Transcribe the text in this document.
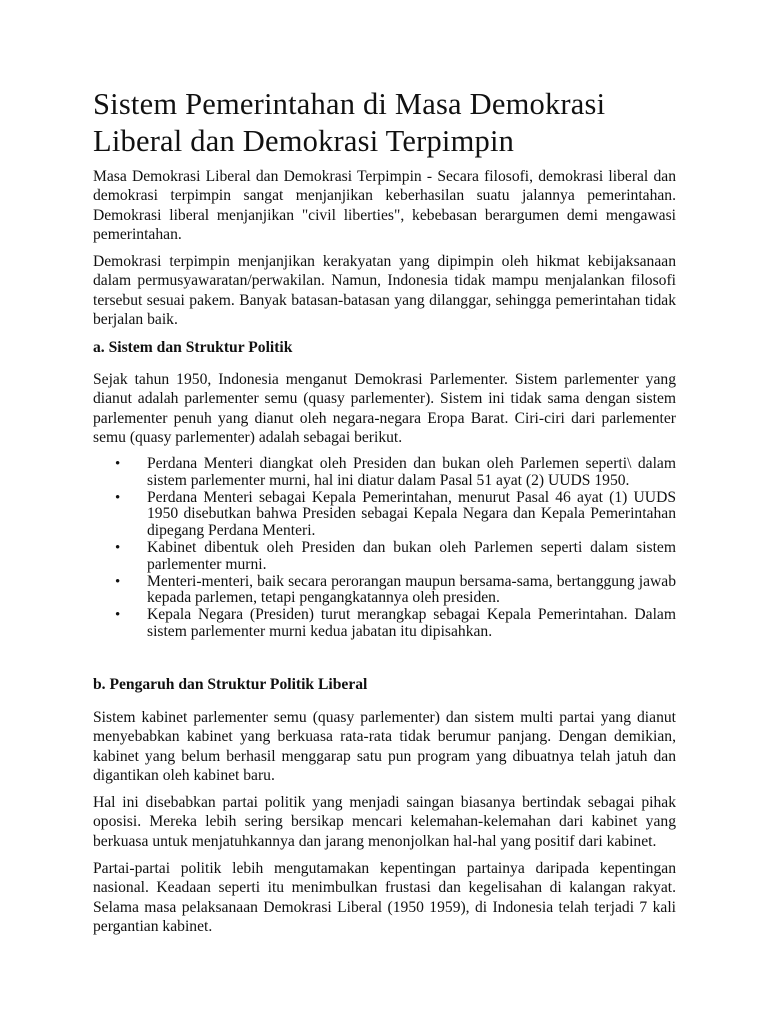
Sistem Pemerintahan di Masa Demokrasi Liberal dan Demokrasi Terpimpin

Masa Demokrasi Liberal dan Demokrasi Terpimpin - Secara filosofi, demokrasi liberal dan demokrasi terpimpin sangat menjanjikan keberhasilan suatu jalannya pemerintahan. Demokrasi liberal menjanjikan "civil liberties", kebebasan berargumen demi mengawasi pemerintahan.

Demokrasi terpimpin menjanjikan kerakyatan yang dipimpin oleh hikmat kebijaksanaan dalam permusyawaratan/perwakilan. Namun, Indonesia tidak mampu menjalankan filosofi tersebut sesuai pakem. Banyak batasan-batasan yang dilanggar, sehingga pemerintahan tidak berjalan baik.

a. Sistem dan Struktur Politik

Sejak tahun 1950, Indonesia menganut Demokrasi Parlementer. Sistem parlementer yang dianut adalah parlementer semu (quasy parlementer). Sistem ini tidak sama dengan sistem parlementer penuh yang dianut oleh negara-negara Eropa Barat. Ciri-ciri dari parlementer semu (quasy parlementer) adalah sebagai berikut.

• Perdana Menteri diangkat oleh Presiden dan bukan oleh Parlemen seperti\ dalam sistem parlementer murni, hal ini diatur dalam Pasal 51 ayat (2) UUDS 1950.
• Perdana Menteri sebagai Kepala Pemerintahan, menurut Pasal 46 ayat (1) UUDS 1950 disebutkan bahwa Presiden sebagai Kepala Negara dan Kepala Pemerintahan dipegang Perdana Menteri.
• Kabinet dibentuk oleh Presiden dan bukan oleh Parlemen seperti dalam sistem parlementer murni.
• Menteri-menteri, baik secara perorangan maupun bersama-sama, bertanggung jawab kepada parlemen, tetapi pengangkatannya oleh presiden.
• Kepala Negara (Presiden) turut merangkap sebagai Kepala Pemerintahan. Dalam sistem parlementer murni kedua jabatan itu dipisahkan.
b. Pengaruh dan Struktur Politik Liberal

Sistem kabinet parlementer semu (quasy parlementer) dan sistem multi partai yang dianut menyebabkan kabinet yang berkuasa rata-rata tidak berumur panjang. Dengan demikian, kabinet yang belum berhasil menggarap satu pun program yang dibuatnya telah jatuh dan digantikan oleh kabinet baru.

Hal ini disebabkan partai politik yang menjadi saingan biasanya bertindak sebagai pihak oposisi. Mereka lebih sering bersikap mencari kelemahan-kelemahan dari kabinet yang berkuasa untuk menjatuhkannya dan jarang menonjolkan hal-hal yang positif dari kabinet.

Partai-partai politik lebih mengutamakan kepentingan partainya daripada kepentingan nasional. Keadaan seperti itu menimbulkan frustasi dan kegelisahan di kalangan rakyat. Selama masa pelaksanaan Demokrasi Liberal (1950 1959), di Indonesia telah terjadi 7 kali pergantian kabinet.
